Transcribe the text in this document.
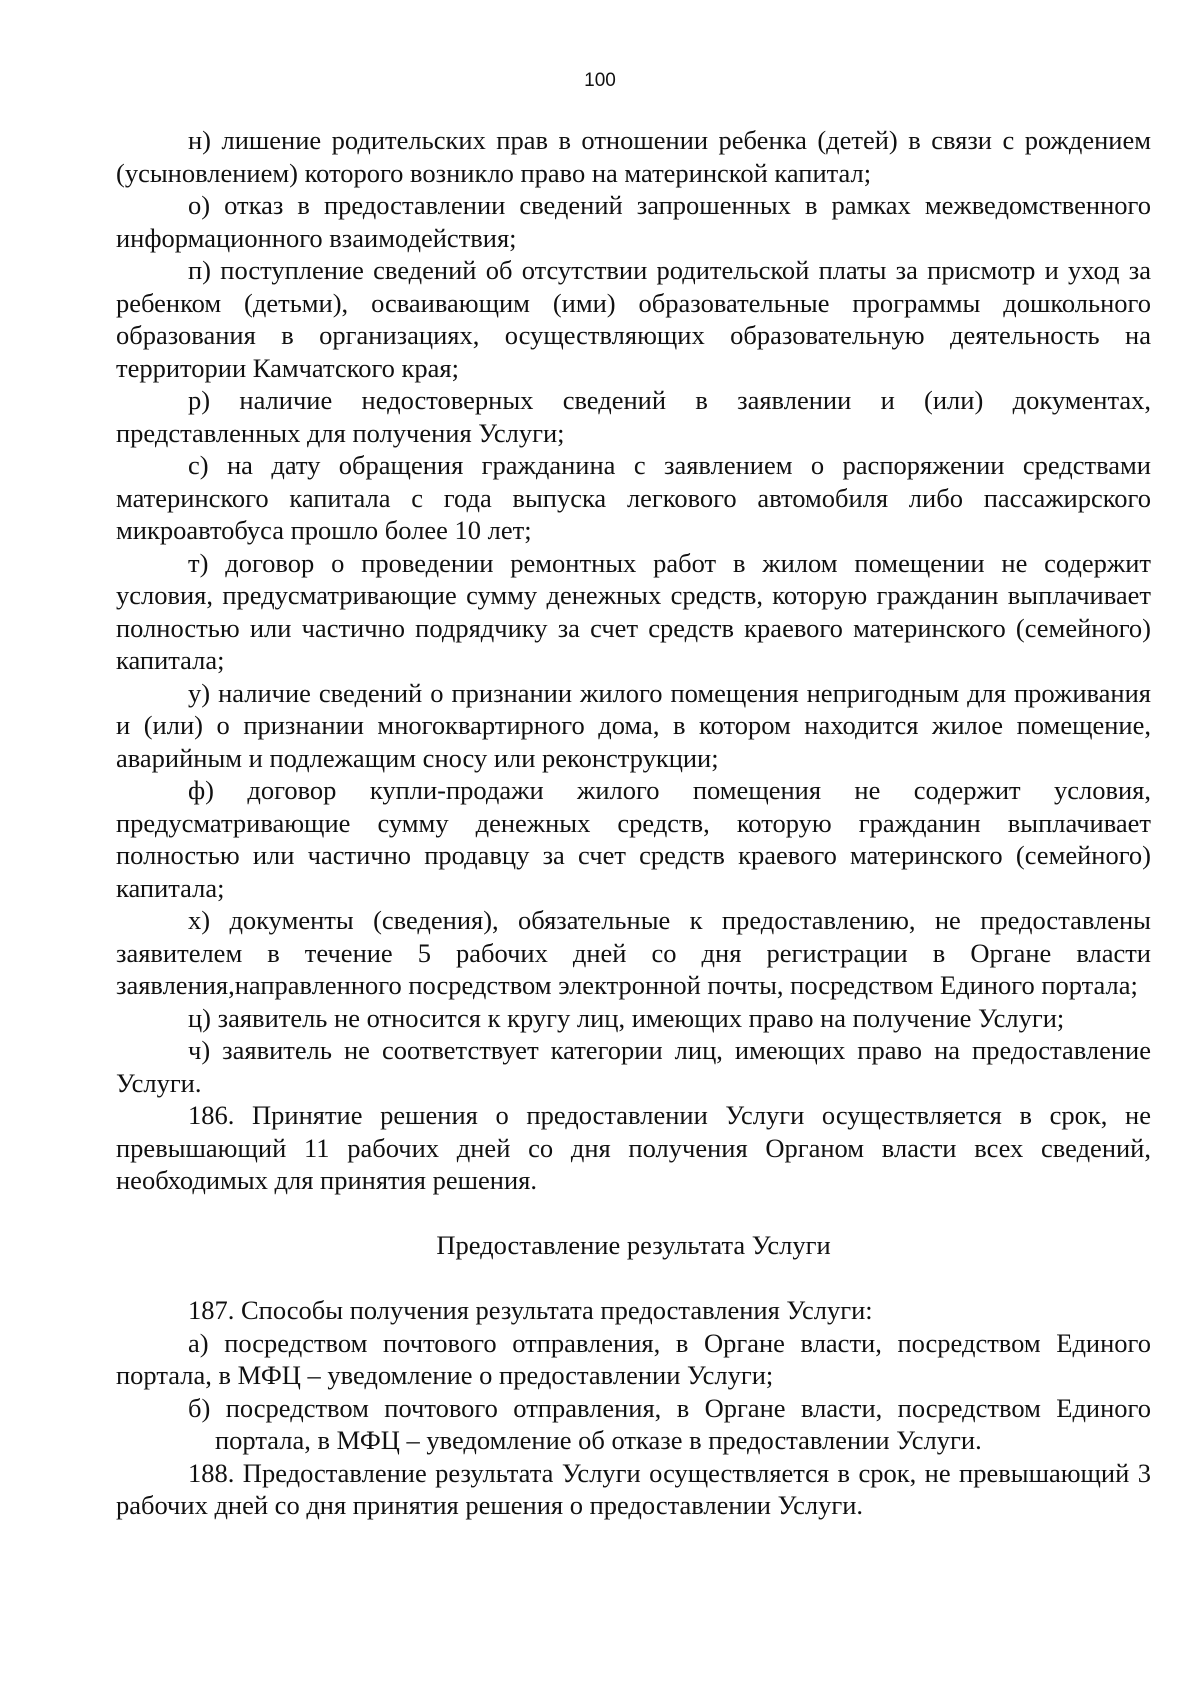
100

н) лишение родительских прав в отношении ребенка (детей) в связи с рождением (усыновлением) которого возникло право на материнской капитал;

о) отказ в предоставлении сведений запрошенных в рамках межведомственного информационного взаимодействия;

п) поступление сведений об отсутствии родительской платы за присмотр и уход за ребенком (детьми), осваивающим (ими) образовательные программы дошкольного образования в организациях, осуществляющих образовательную деятельность на территории Камчатского края;

р) наличие недостоверных сведений в заявлении и (или) документах, представленных для получения Услуги;

с) на дату обращения гражданина с заявлением о распоряжении средствами материнского капитала с года выпуска легкового автомобиля либо пассажирского микроавтобуса прошло более 10 лет;

т) договор о проведении ремонтных работ в жилом помещении не содержит условия, предусматривающие сумму денежных средств, которую гражданин выплачивает полностью или частично подрядчику за счет средств краевого материнского (семейного) капитала;

у) наличие сведений о признании жилого помещения непригодным для проживания и (или) о признании многоквартирного дома, в котором находится жилое помещение, аварийным и подлежащим сносу или реконструкции;

ф) договор купли-продажи жилого помещения не содержит условия, предусматривающие сумму денежных средств, которую гражданин выплачивает полностью или частично продавцу за счет средств краевого материнского (семейного) капитала;

х) документы (сведения), обязательные к предоставлению, не предоставлены заявителем в течение 5 рабочих дней со дня регистрации в Органе власти заявления,направленного посредством электронной почты, посредством Единого портала;

ц) заявитель не относится к кругу лиц, имеющих право на получение Услуги;

ч) заявитель не соответствует категории лиц, имеющих право на предоставление Услуги.

186. Принятие решения о предоставлении Услуги осуществляется в срок, не превышающий 11 рабочих дней со дня получения Органом власти всех сведений, необходимых для принятия решения.

Предоставление результата Услуги

187. Способы получения результата предоставления Услуги:

а) посредством почтового отправления, в Органе власти, посредством Единого портала, в МФЦ – уведомление о предоставлении Услуги;

б) посредством почтового отправления, в Органе власти, посредством Единого портала, в МФЦ – уведомление об отказе в предоставлении Услуги.

188. Предоставление результата Услуги осуществляется в срок, не превышающий 3 рабочих дней со дня принятия решения о предоставлении Услуги.
